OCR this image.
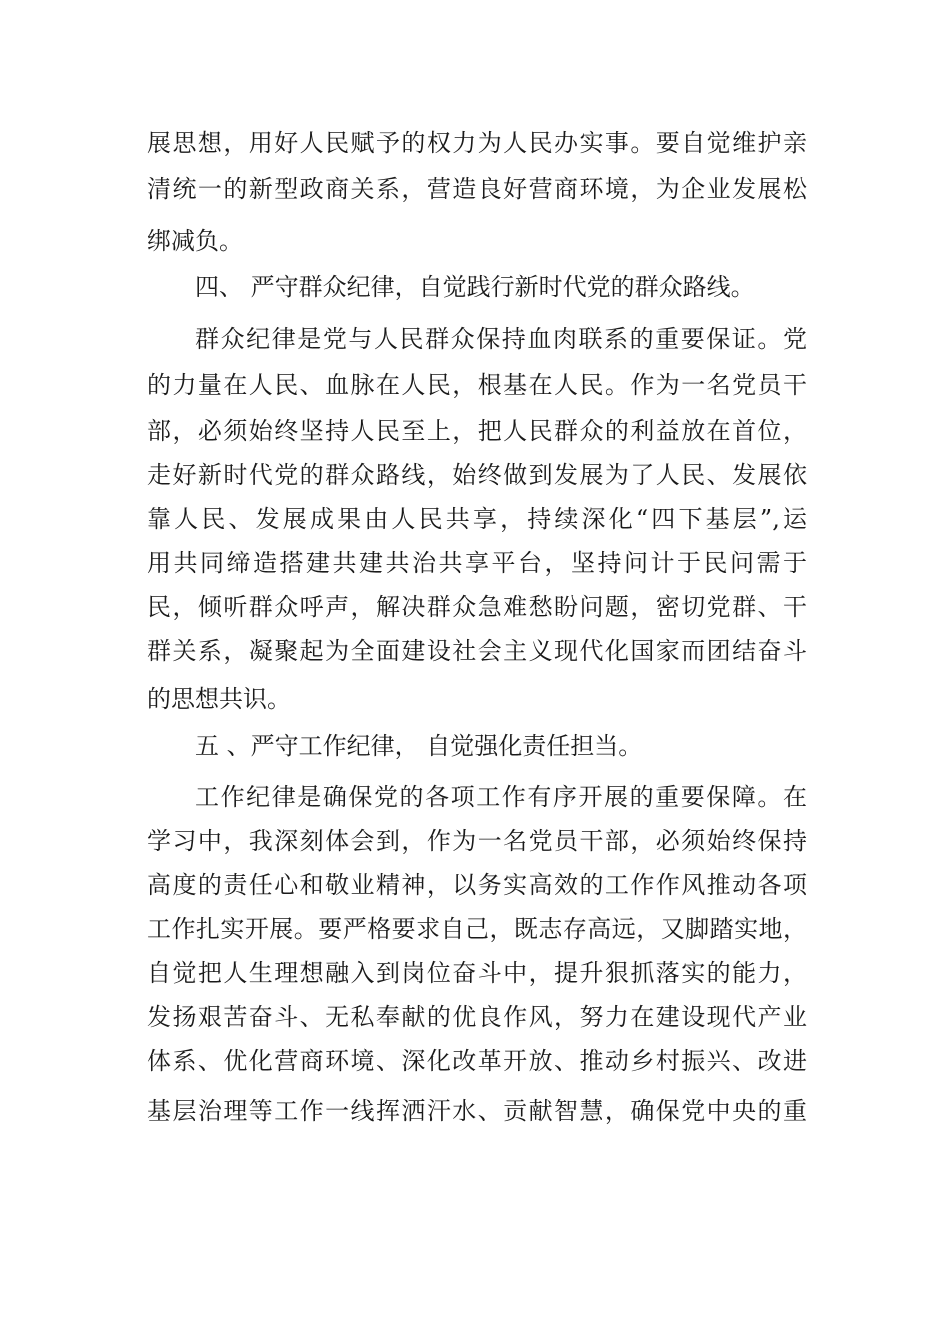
展思想，用好人民赋予的权力为人民办实事。要自觉维护亲
清统一的新型政商关系，营造良好营商环境，为企业发展松
绑减负。
四、 严守群众纪律，自觉践行新时代党的群众路线。
群众纪律是党与人民群众保持血肉联系的重要保证。党
的力量在人民、血脉在人民，根基在人民。作为一名党员干
部，必须始终坚持人民至上，把人民群众的利益放在首位，
走好新时代党的群众路线，始终做到发展为了人民、发展依
靠人民、发展成果由人民共享，持续深化“四下基层”,运
用共同缔造搭建共建共治共享平台，坚持问计于民问需于
民，倾听群众呼声，解决群众急难愁盼问题，密切党群、干
群关系，凝聚起为全面建设社会主义现代化国家而团结奋斗
的思想共识。
五 、严守工作纪律， 自觉强化责任担当。
工作纪律是确保党的各项工作有序开展的重要保障。在
学习中，我深刻体会到，作为一名党员干部，必须始终保持
高度的责任心和敬业精神，以务实高效的工作作风推动各项
工作扎实开展。要严格要求自己，既志存高远，又脚踏实地，
自觉把人生理想融入到岗位奋斗中，提升狠抓落实的能力，
发扬艰苦奋斗、无私奉献的优良作风，努力在建设现代产业
体系、优化营商环境、深化改革开放、推动乡村振兴、改进
基层治理等工作一线挥洒汗水、贡献智慧，确保党中央的重
